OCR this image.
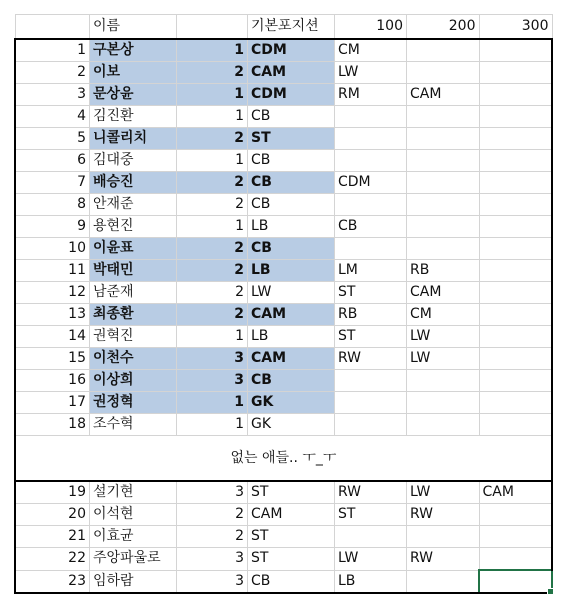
	이름		기본포지션	100	200	300
1	구본상	1	CDM	CM		
2	이보	2	CAM	LW		
3	문상윤	1	CDM	RM	CAM	
4	김진환	1	CB			
5	니콜리치	2	ST			
6	김대중	1	CB			
7	배승진	2	CB	CDM		
8	안재준	2	CB			
9	용현진	1	LB	CB		
10	이윤표	2	CB			
11	박태민	2	LB	LM	RB	
12	남준재	2	LW	ST	CAM	
13	최종환	2	CAM	RB	CM	
14	권혁진	1	LB	ST	LW	
15	이천수	3	CAM	RW	LW	
16	이상희	3	CB			
17	권정혁	1	GK			
18	조수혁	1	GK			
없는 애들.. ㅜ_ㅜ						
19	설기현	3	ST	RW	LW	CAM
20	이석현	2	CAM	ST	RW	
21	이효균	2	ST			
22	주앙파울로	3	ST	LW	RW	
23	임하람	3	CB	LB		
